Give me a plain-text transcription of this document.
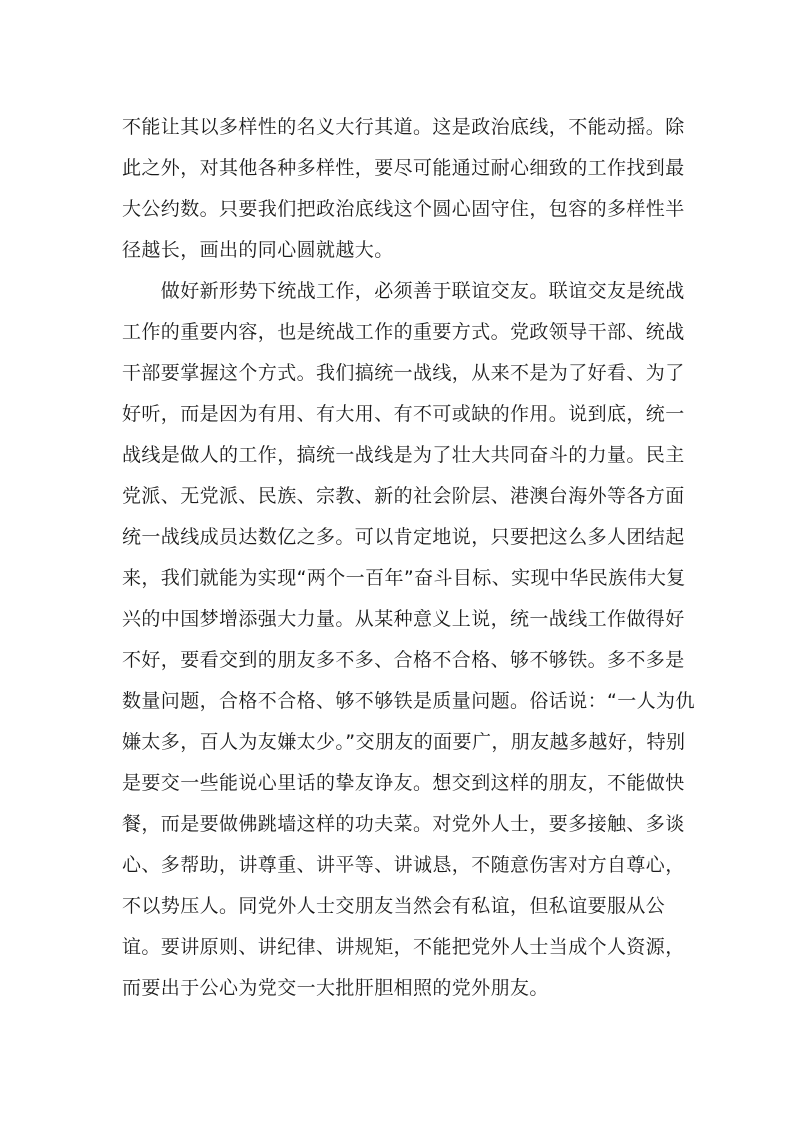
不能让其以多样性的名义大行其道。这是政治底线，不能动摇。除
此之外，对其他各种多样性，要尽可能通过耐心细致的工作找到最
大公约数。只要我们把政治底线这个圆心固守住，包容的多样性半
径越长，画出的同心圆就越大。
　　做好新形势下统战工作，必须善于联谊交友。联谊交友是统战
工作的重要内容，也是统战工作的重要方式。党政领导干部、统战
干部要掌握这个方式。我们搞统一战线，从来不是为了好看、为了
好听，而是因为有用、有大用、有不可或缺的作用。说到底，统一
战线是做人的工作，搞统一战线是为了壮大共同奋斗的力量。民主
党派、无党派、民族、宗教、新的社会阶层、港澳台海外等各方面
统一战线成员达数亿之多。可以肯定地说，只要把这么多人团结起
来，我们就能为实现“两个一百年”奋斗目标、实现中华民族伟大复
兴的中国梦增添强大力量。从某种意义上说，统一战线工作做得好
不好，要看交到的朋友多不多、合格不合格、够不够铁。多不多是
数量问题，合格不合格、够不够铁是质量问题。俗话说：“一人为仇
嫌太多，百人为友嫌太少。”交朋友的面要广，朋友越多越好，特别
是要交一些能说心里话的挚友诤友。想交到这样的朋友，不能做快
餐，而是要做佛跳墙这样的功夫菜。对党外人士，要多接触、多谈
心、多帮助，讲尊重、讲平等、讲诚恳，不随意伤害对方自尊心，
不以势压人。同党外人士交朋友当然会有私谊，但私谊要服从公
谊。要讲原则、讲纪律、讲规矩，不能把党外人士当成个人资源，
而要出于公心为党交一大批肝胆相照的党外朋友。
